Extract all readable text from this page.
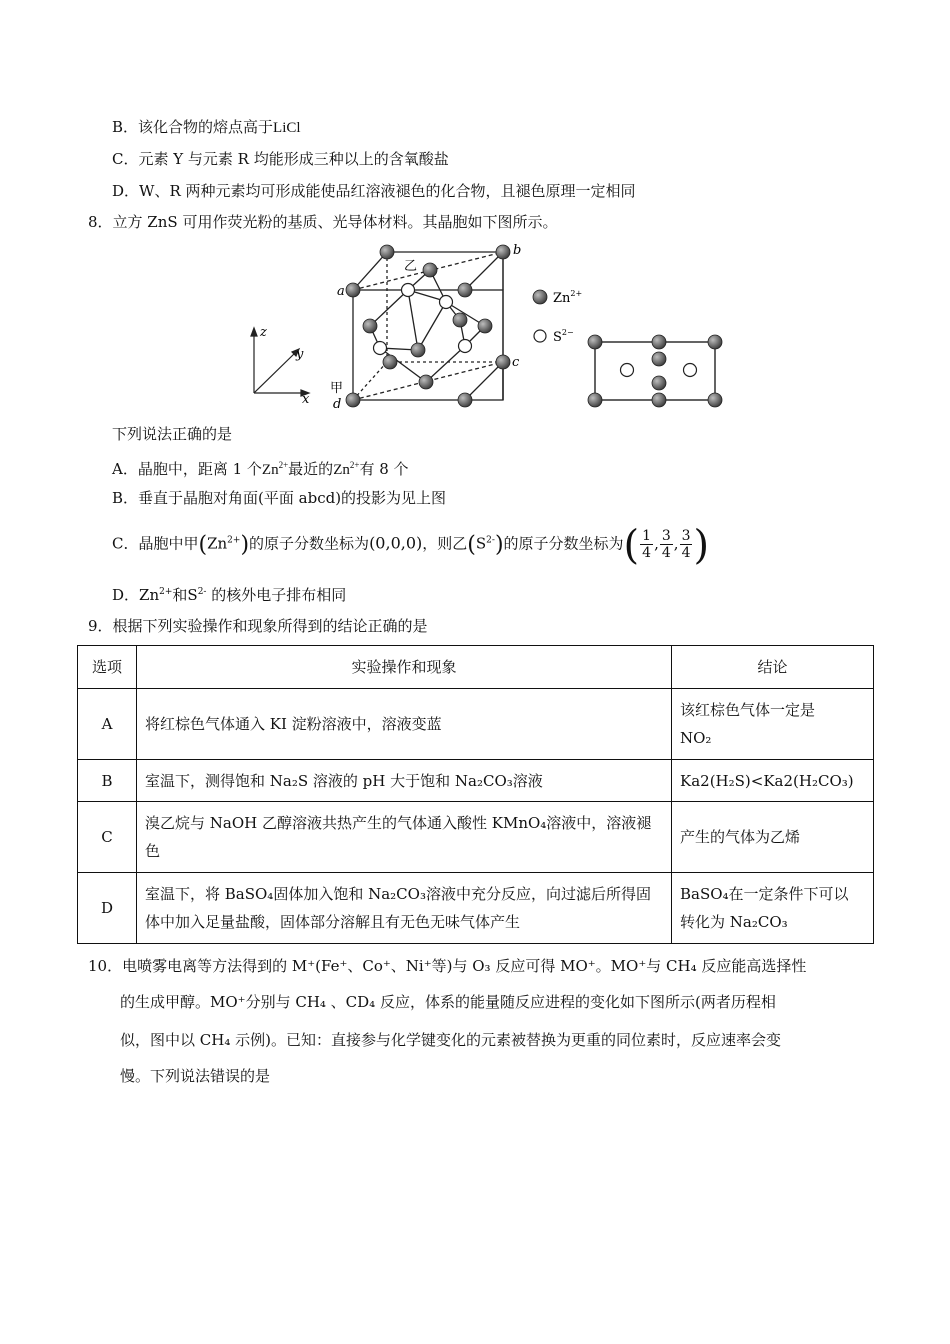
B．该化合物的熔点高于LiCl
C．元素 Y 与元素 R 均能形成三种以上的含氧酸盐
D．W、R 两种元素均可形成能使品红溶液褪色的化合物，且褪色原理一定相同
8．立方 ZnS 可用作荧光粉的基质、光导体材料。其晶胞如下图所示。
z
y
x
a
b
c
d
甲
乙
$Zn^{2+}$
$S^{2-}$
下列说法正确的是
A．晶胞中，距离 1 个$Zn^{2+}$最近的$Zn^{2+}$有 8 个
B．垂直于晶胞对角面(平面 abcd)的投影为见上图
C．晶胞中甲$(Zn^{2+})$的原子分数坐标为(0,0,0)，则乙$(S^{2-})$的原子分数坐标为( $\frac{1}{4}$ , $\frac{3}{4}$ , $\frac{3}{4}$ )
D．$Zn^{2+}$和$S^{2-}$ 的核外电子排布相同
9．根据下列实验操作和现象所得到的结论正确的是
选项	实验操作和现象	结论
A	将红棕色气体通入 KI 淀粉溶液中，溶液变蓝	该红棕色气体一定是
NO₂
B	室温下，测得饱和 Na₂S 溶液的 pH 大于饱和 Na₂CO₃溶液	Ka2(H₂S)<Ka2(H₂CO₃)
C	溴乙烷与 NaOH 乙醇溶液共热产生的气体通入酸性 KMnO₄溶液中，溶液褪色	产生的气体为乙烯
D	室温下，将 BaSO₄固体加入饱和 Na₂CO₃溶液中充分反应，向过滤后所得固体中加入足量盐酸，固体部分溶解且有无色无味气体产生	BaSO₄在一定条件下可以
转化为 Na₂CO₃
10．电喷雾电离等方法得到的 M⁺(Fe⁺、Co⁺、Ni⁺等)与 O₃ 反应可得 MO⁺。MO⁺与 CH₄ 反应能高选择性
的生成甲醇。MO⁺分别与 CH₄ 、CD₄ 反应，体系的能量随反应进程的变化如下图所示(两者历程相
似，图中以 CH₄ 示例)。已知：直接参与化学键变化的元素被替换为更重的同位素时，反应速率会变
慢。下列说法错误的是
